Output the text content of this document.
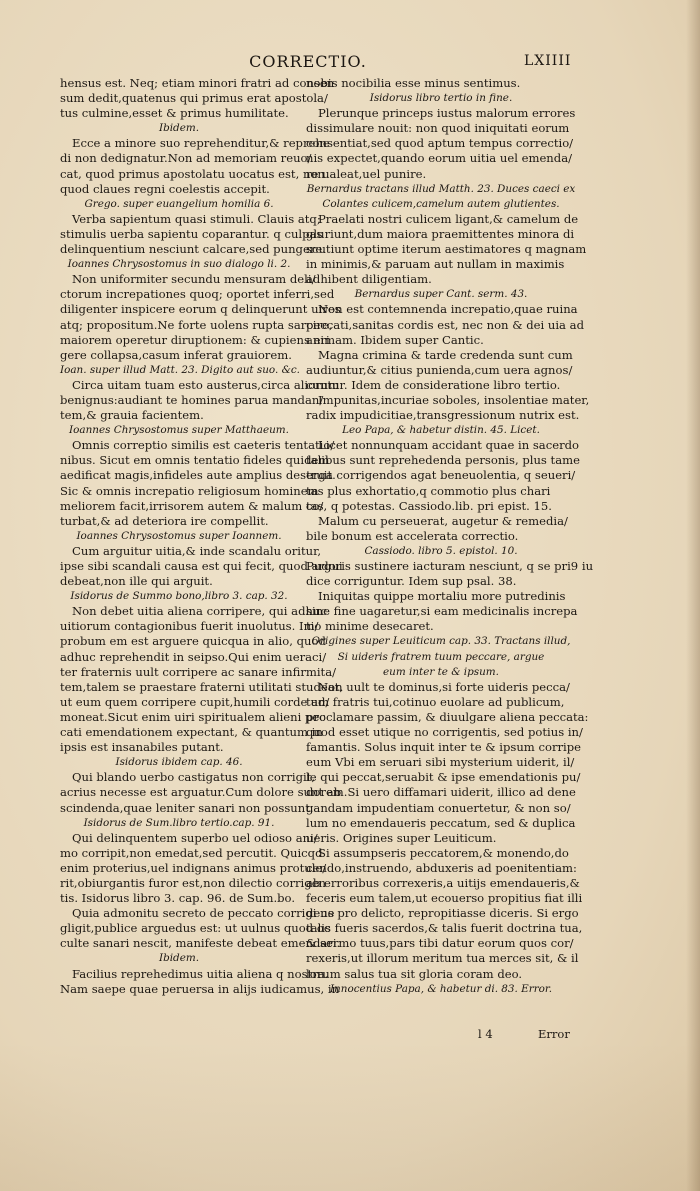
CORRECTIO.	LXIIII
hensus est. Neq; etiam minori fratri ad consen
sum dedit,quatenus qui primus erat apostola/
tus culmine,esset & primus humilitate.
Ibidem.
Ecce a minore suo reprehenditur,& reprehe
di non dedignatur.Non ad memoriam reuo/
cat, quod primus apostolatu uocatus est, non
quod claues regni coelestis accepit.
Grego. super euangelium homilia 6.
Verba sapientum quasi stimuli. Clauis atq;
stimulis uerba sapientu coparantur. q culpas
delinquentium nesciunt calcare,sed pungere.
Ioannes Chrysostomus in suo dialogo li. 2.
Non uniformiter secundu mensuram deli/
ctorum increpationes quoq; oportet inferri,sed
diligenter inspicere eorum q delinquerunt uires
atq; propositum.Ne forte uolens rupta sarcire,
maiorem operetur diruptionem: & cupiens eri
gere collapsa,casum inferat grauiorem.
Ioan. super illud Matt. 23. Digito aut suo. &c.
Circa uitam tuam esto austerus,circa aliorum
benignus:audiant te homines parua mandan/
tem,& grauia facientem.
Ioannes Chrysostomus super Matthaeum.
Omnis correptio similis est caeteris tentatio/
nibus. Sicut em omnis tentatio fideles quidem
aedificat magis,infideles aute amplius destruit.
Sic & omnis increpatio religiosum hominem
meliorem facit,irrisorem autem & malum co/
turbat,& ad deteriora ire compellit.
Ioannes Chrysostomus super Ioannem.
Cum arguitur uitia,& inde scandalu oritur,
ipse sibi scandali causa est qui fecit, quod argui
debeat,non ille qui arguit.
Isidorus de Summo bono,libro 3. cap. 32.
Non debet uitia aliena corripere, qui adhuc
uitiorum contagionibus fuerit inuolutus. Im/
probum em est arguere quicqua in alio, quod
adhuc reprehendit in seipso.Qui enim ueraci/
ter fraternis uult corripere ac sanare infirmita/
tem,talem se praestare fraterni utilitati studeat,
ut eum quem corripere cupit,humili corde ad/
moneat.Sicut enim uiri spiritualem alieni pec
cati emendationem expectant, & quantum in
ipsis est insanabiles putant.
Isidorus ibidem cap. 46.
Qui blando uerbo castigatus non corrigit,
acrius necesse est arguatur.Cum dolore sunt ab
scindenda,quae leniter sanari non possunt.
Isidorus de Sum.libro tertio.cap. 91.
Qui delinquentem superbo uel odioso ani/
mo corripit,non emedat,sed percutit. Quicqd
enim proterius,uel indignans animus protule/
rit,obiurgantis furor est,non dilectio corrigen
tis. Isidorus libro 3. cap. 96. de Sum.bo.
Quia admonitu secreto de peccato corrigi ne
gligit,publice arguedus est: ut uulnus quod oc
culte sanari nescit, manifeste debeat emendari.
Ibidem.
Facilius reprehedimus uitia aliena q nostra.
Nam saepe quae peruersa in alijs iudicamus, in
nobis nocibilia esse minus sentimus.
Isidorus libro tertio in fine.
Plerunque princeps iustus malorum errores
dissimulare nouit: non quod iniquitati eorum
consentiat,sed quod aptum tempus correctio/
nis expectet,quando eorum uitia uel emenda/
re ualeat,uel punire.
Bernardus tractans illud Matth. 23. Duces caeci ex
Colantes culicem,camelum autem glutientes.
Praelati nostri culicem ligant,& camelum de
gluriunt,dum maiora praemittentes minora di
scutiunt optime iterum aestimatores q magnam
in minimis,& paruam aut nullam in maximis
adhibent diligentiam.
Bernardus super Cant. serm. 43.
Non est contemnenda increpatio,quae ruina
peccati,sanitas cordis est, nec non & dei uia ad
animam. Ibidem super Cantic.
Magna crimina & tarde credenda sunt cum
audiuntur,& citius punienda,cum uera agnos/
cuntur. Idem de consideratione libro tertio.
Impunitas,incuriae soboles, insolentiae mater,
radix impudicitiae,transgressionum nutrix est.
Leo Papa, & habetur distin. 45. Licet.
Licet nonnunquam accidant quae in sacerdo
talibus sunt reprehedenda personis, plus tame
erga corrigendos agat beneuolentia, q seueri/
tas plus exhortatio,q commotio plus chari
tas, q potestas. Cassiodo.lib. pri epist. 15.
Malum cu perseuerat, augetur & remedia/
bile bonum est accelerata correctio.
Cassiodo. libro 5. epistol. 10.
Pudoris sustinere iacturam nesciunt, q se pri9 iu
dice corriguntur. Idem sup psal. 38.
Iniquitas quippe mortaliu more putredinis
sine fine uagaretur,si eam medicinalis increpa
tio minime desecaret.
Origines super Leuiticum cap. 33. Tractans illud,
Si uideris fratrem tuum peccare, argue
eum inter te & ipsum.
Non uult te dominus,si forte uideris pecca/
tum fratris tui,cotinuo euolare ad publicum,
proclamare passim, & diuulgare aliena peccata:
quod esset utique no corrigentis, sed potius in/
famantis. Solus inquit inter te & ipsum corripe
eum Vbi em seruari sibi mysterium uiderit, il/
le qui peccat,seruabit & ipse emendationis pu/
dorem.Si uero diffamari uiderit, illico ad dene
gandam impudentiam conuertetur, & non so/
lum no emendaueris peccatum, sed & duplica
ueris. Origines super Leuiticum.
Si assumpseris peccatorem,& monendo,do
cendo,instruendo, abduxeris ad poenitentiam:
ab erroribus correxeris,a uitijs emendaueris,&
feceris eum talem,ut ecouerso propitius fiat illi
deus pro delicto, repropitiasse diceris. Si ergo
talis fueris sacerdos,& talis fuerit doctrina tua,
& sermo tuus,pars tibi datur eorum quos cor/
rexeris,ut illorum meritum tua merces sit, & il
lorum salus tua sit gloria coram deo.
Innocentius Papa, & habetur di. 83. Error.
l 4	Error
